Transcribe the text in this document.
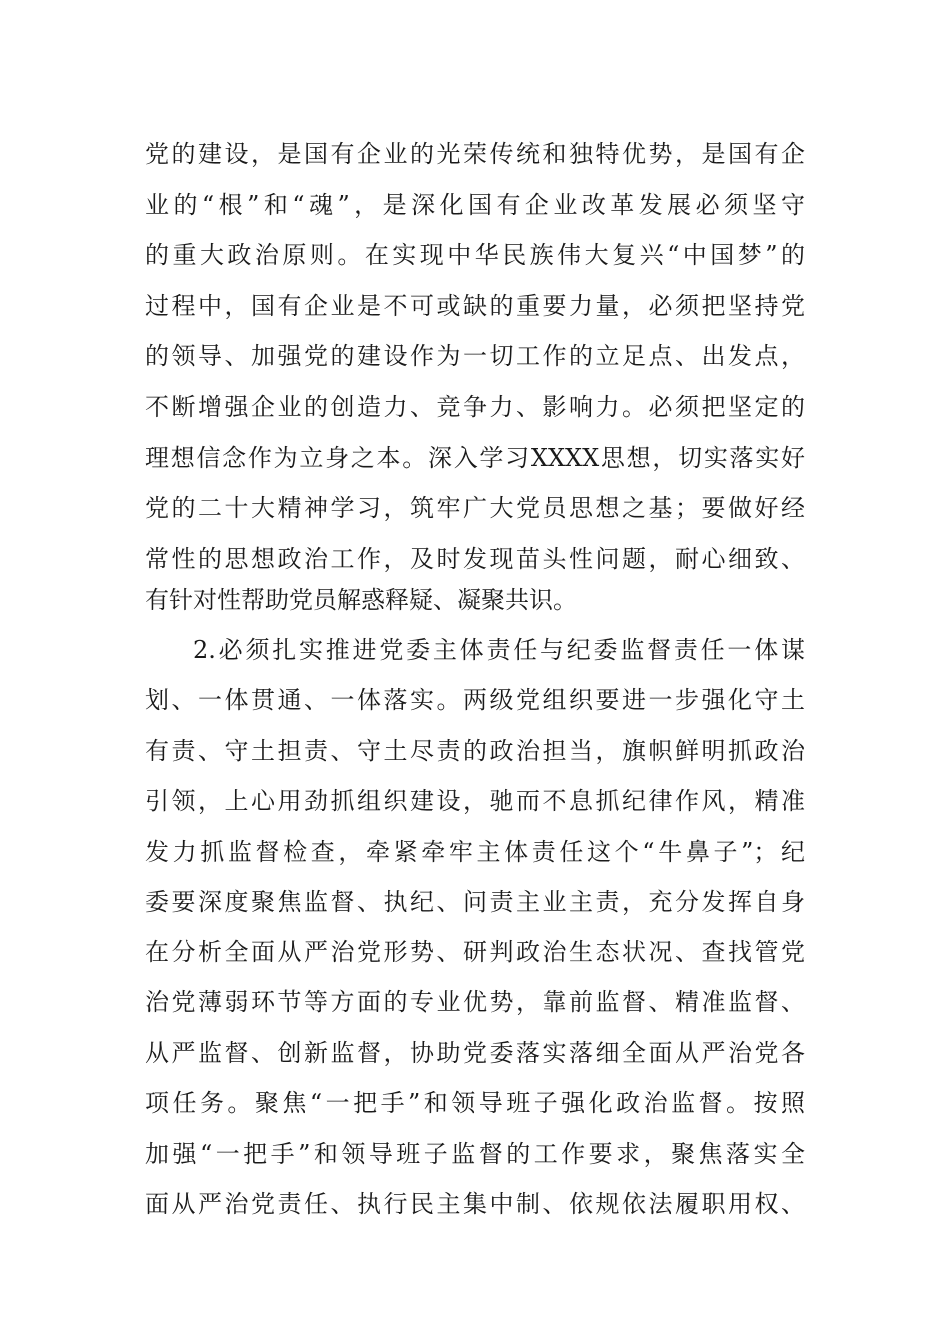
党的建设，是国有企业的光荣传统和独特优势，是国有企
业的“根”和“魂”，是深化国有企业改革发展必须坚守
的重大政治原则。在实现中华民族伟大复兴“中国梦”的
过程中，国有企业是不可或缺的重要力量，必须把坚持党
的领导、加强党的建设作为一切工作的立足点、出发点，
不断增强企业的创造力、竞争力、影响力。必须把坚定的
理想信念作为立身之本。深入学习XXXX思想，切实落实好
党的二十大精神学习，筑牢广大党员思想之基；要做好经
常性的思想政治工作，及时发现苗头性问题，耐心细致、
有针对性帮助党员解惑释疑、凝聚共识。
2.必须扎实推进党委主体责任与纪委监督责任一体谋
划、一体贯通、一体落实。两级党组织要进一步强化守土
有责、守土担责、守土尽责的政治担当，旗帜鲜明抓政治
引领，上心用劲抓组织建设，驰而不息抓纪律作风，精准
发力抓监督检查，牵紧牵牢主体责任这个“牛鼻子”；纪
委要深度聚焦监督、执纪、问责主业主责，充分发挥自身
在分析全面从严治党形势、研判政治生态状况、查找管党
治党薄弱环节等方面的专业优势，靠前监督、精准监督、
从严监督、创新监督，协助党委落实落细全面从严治党各
项任务。聚焦“一把手”和领导班子强化政治监督。按照
加强“一把手”和领导班子监督的工作要求，聚焦落实全
面从严治党责任、执行民主集中制、依规依法履职用权、
